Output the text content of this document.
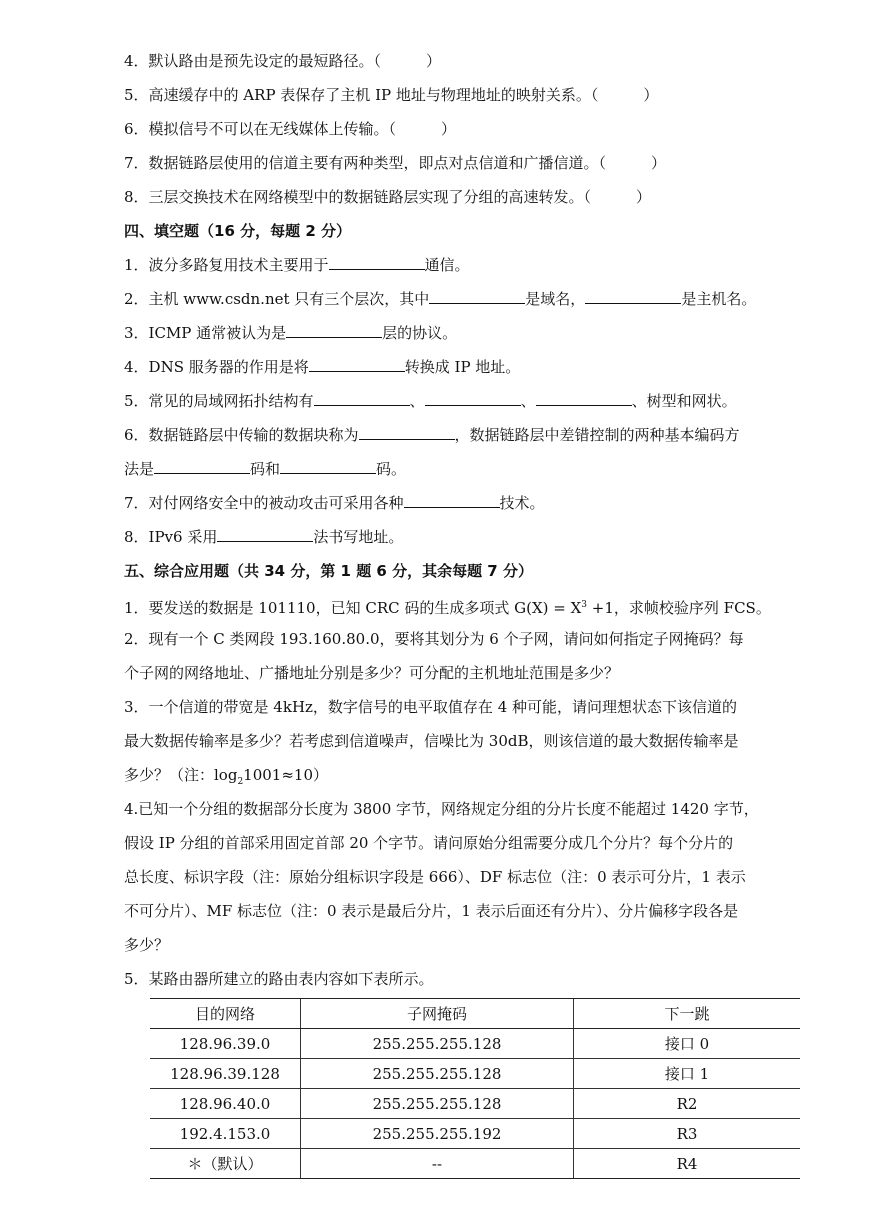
4．默认路由是预先设定的最短路径。（　　　）
5．高速缓存中的 ARP 表保存了主机 IP 地址与物理地址的映射关系。（　　　）
6．模拟信号不可以在无线媒体上传输。（　　　）
7．数据链路层使用的信道主要有两种类型，即点对点信道和广播信道。（　　　）
8．三层交换技术在网络模型中的数据链路层实现了分组的高速转发。（　　　）
四、填空题（16 分，每题 2 分）
1．波分多路复用技术主要用于	通信。
2．主机 www.csdn.net 只有三个层次，其中	是域名，	是主机名。
3．ICMP 通常被认为是	层的协议。
4．DNS 服务器的作用是将	转换成 IP 地址。
5．常见的局域网拓扑结构有	、	、	、树型和网状。
6．数据链路层中传输的数据块称为	，数据链路层中差错控制的两种基本编码方
法是	码和	码。
7．对付网络安全中的被动攻击可采用各种	技术。
8．IPv6 采用	法书写地址。
五、综合应用题（共 34 分，第 1 题 6 分，其余每题 7 分）
1．要发送的数据是 101110，已知 CRC 码的生成多项式 $G(X) = X^3 +1$，求帧校验序列 FCS。
2．现有一个 C 类网段 193.160.80.0，要将其划分为 6 个子网，请问如何指定子网掩码？每
个子网的网络地址、广播地址分别是多少？可分配的主机地址范围是多少？
3．一个信道的带宽是 4kHz，数字信号的电平取值存在 4 种可能，请问理想状态下该信道的
最大数据传输率是多少？若考虑到信道噪声，信噪比为 30dB，则该信道的最大数据传输率是
多少？（注：$\log_21001\approx 10$）
4.已知一个分组的数据部分长度为 3800 字节，网络规定分组的分片长度不能超过 1420 字节，
假设 IP 分组的首部采用固定首部 20 个字节。请问原始分组需要分成几个分片？每个分片的
总长度、标识字段（注：原始分组标识字段是 666）、DF 标志位（注：0 表示可分片，1 表示
不可分片）、MF 标志位（注：0 表示是最后分片，1 表示后面还有分片）、分片偏移字段各是
多少？
5．某路由器所建立的路由表内容如下表所示。
目的网络	子网掩码	下一跳
128.96.39.0	255.255.255.128	接口 0
128.96.39.128	255.255.255.128	接口 1
128.96.40.0	255.255.255.128	R2
192.4.153.0	255.255.255.192	R3
＊（默认）	--	R4
